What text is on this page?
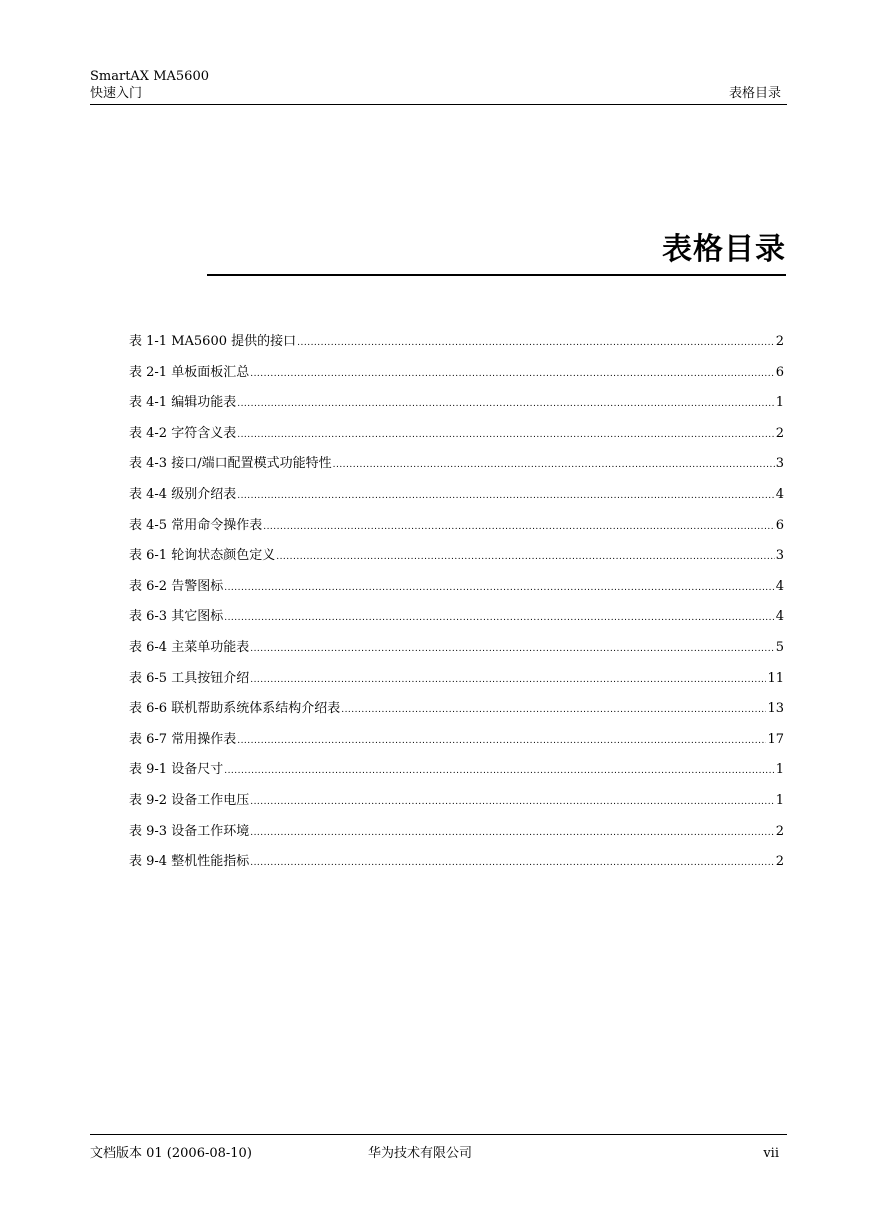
SmartAX MA5600
快速入门	表格目录
表格目录
表 1-1 MA5600 提供的接口 .....	2
表 2-1 单板面板汇总 .....	6
表 4-1 编辑功能表 .....	1
表 4-2 字符含义表 .....	2
表 4-3 接口/端口配置模式功能特性 .....	3
表 4-4 级别介绍表 .....	4
表 4-5 常用命令操作表 .....	6
表 6-1 轮询状态颜色定义 .....	3
表 6-2 告警图标 .....	4
表 6-3 其它图标 .....	4
表 6-4 主菜单功能表 .....	5
表 6-5 工具按钮介绍 .....	11
表 6-6 联机帮助系统体系结构介绍表 .....	13
表 6-7 常用操作表 .....	17
表 9-1 设备尺寸 .....	1
表 9-2 设备工作电压 .....	1
表 9-3 设备工作环境 .....	2
表 9-4 整机性能指标 .....	2
文档版本 01 (2006-08-10)	华为技术有限公司	vii
